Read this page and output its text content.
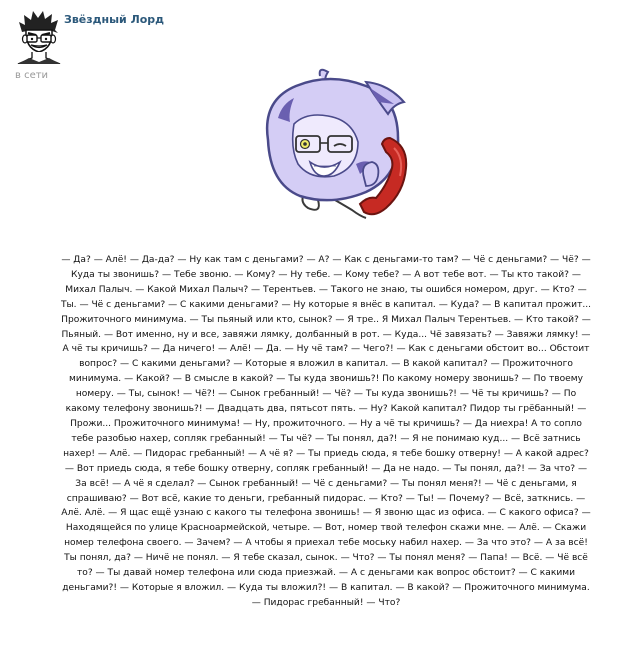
Звёздный Лорд
в сети

— Да? — Алё! — Да-да? — Ну как там с деньгами? — А? — Как с деньгами-то там? — Чё с деньгами? — Чё? — Куда ты звонишь? — Тебе звоню. — Кому? — Ну тебе. — Кому тебе? — А вот тебе вот. — Ты кто такой? — Михал Палыч. — Какой Михал Палыч? — Терентьев. — Такого не знаю, ты ошибся номером, друг. — Кто? — Ты. — Чё с деньгами? — С какими деньгами? — Ну которые я внёс в капитал. — Куда? — В капитал прожит... Прожиточного минимума. — Ты пьяный или кто, сынок? — Я тре.. Я Михал Палыч Терентьев. — Кто такой? — Пьяный. — Вот именно, ну и все, завяжи лямку, долбанный в рот. — Куда... Чё завязать? — Завяжи лямку! — А чё ты кричишь? — Да ничего! — Алё! — Да. — Ну чё там? — Чего?! — Как с деньгами обстоит во... Обстоит вопрос? — С какими деньгами? — Которые я вложил в капитал. — В какой капитал? — Прожиточного минимума. — Какой? — В смысле в какой? — Ты куда звонишь?! По какому номеру звонишь? — По твоему номеру. — Ты, сынок! — Чё?! — Сынок гребанный! — Чё? — Ты куда звонишь?! — Чё ты кричишь? — По какому телефону звонишь?! — Двадцать два, пятьсот пять. — Ну? Какой капитал? Пидор ты грёбанный! — Прожи... Прожиточного минимума! — Ну, прожиточного. — Ну а чё ты кричишь? — Да ниехра! А то сопло тебе разобью нахер, сопляк гребанный! — Ты чё? — Ты понял, да?! — Я не понимаю куд... — Всё затнись нахер! — Алё. — Пидорас гребанный! — А чё я? — Ты приедь сюда, я тебе бошку отверну! — А какой адрес? — Вот приедь сюда, я тебе бошку отверну, сопляк гребанный! — Да не надо. — Ты понял, да?! — За что? — За всё! — А чё я сделал? — Сынок гребанный! — Чё с деньгами? — Ты понял меня?! — Чё с деньгами, я спрашиваю? — Вот всё, какие то деньги, гребанный пидорас. — Кто? — Ты! — Почему? — Всё, заткнись. — Алё. Алё. — Я щас ещё узнаю с какого ты телефона звонишь! — Я звоню щас из офиса. — С какого офиса? — Находящейся по улице Красноармейской, четыре. — Вот, номер твой телефон скажи мне. — Алё. — Скажи номер телефона своего. — Зачем? — А чтобы я приехал тебе моську набил нахер. — За что это? — А за всё! Ты понял, да? — Ничё не понял. — Я тебе сказал, сынок. — Что? — Ты понял меня? — Папа! — Всё. — Чё всё то? — Ты давай номер телефона или сюда приезжай. — А с деньгами как вопрос обстоит? — С какими деньгами?! — Которые я вложил. — Куда ты вложил?! — В капитал. — В какой? — Прожиточного минимума. — Пидорас гребанный! — Что?
